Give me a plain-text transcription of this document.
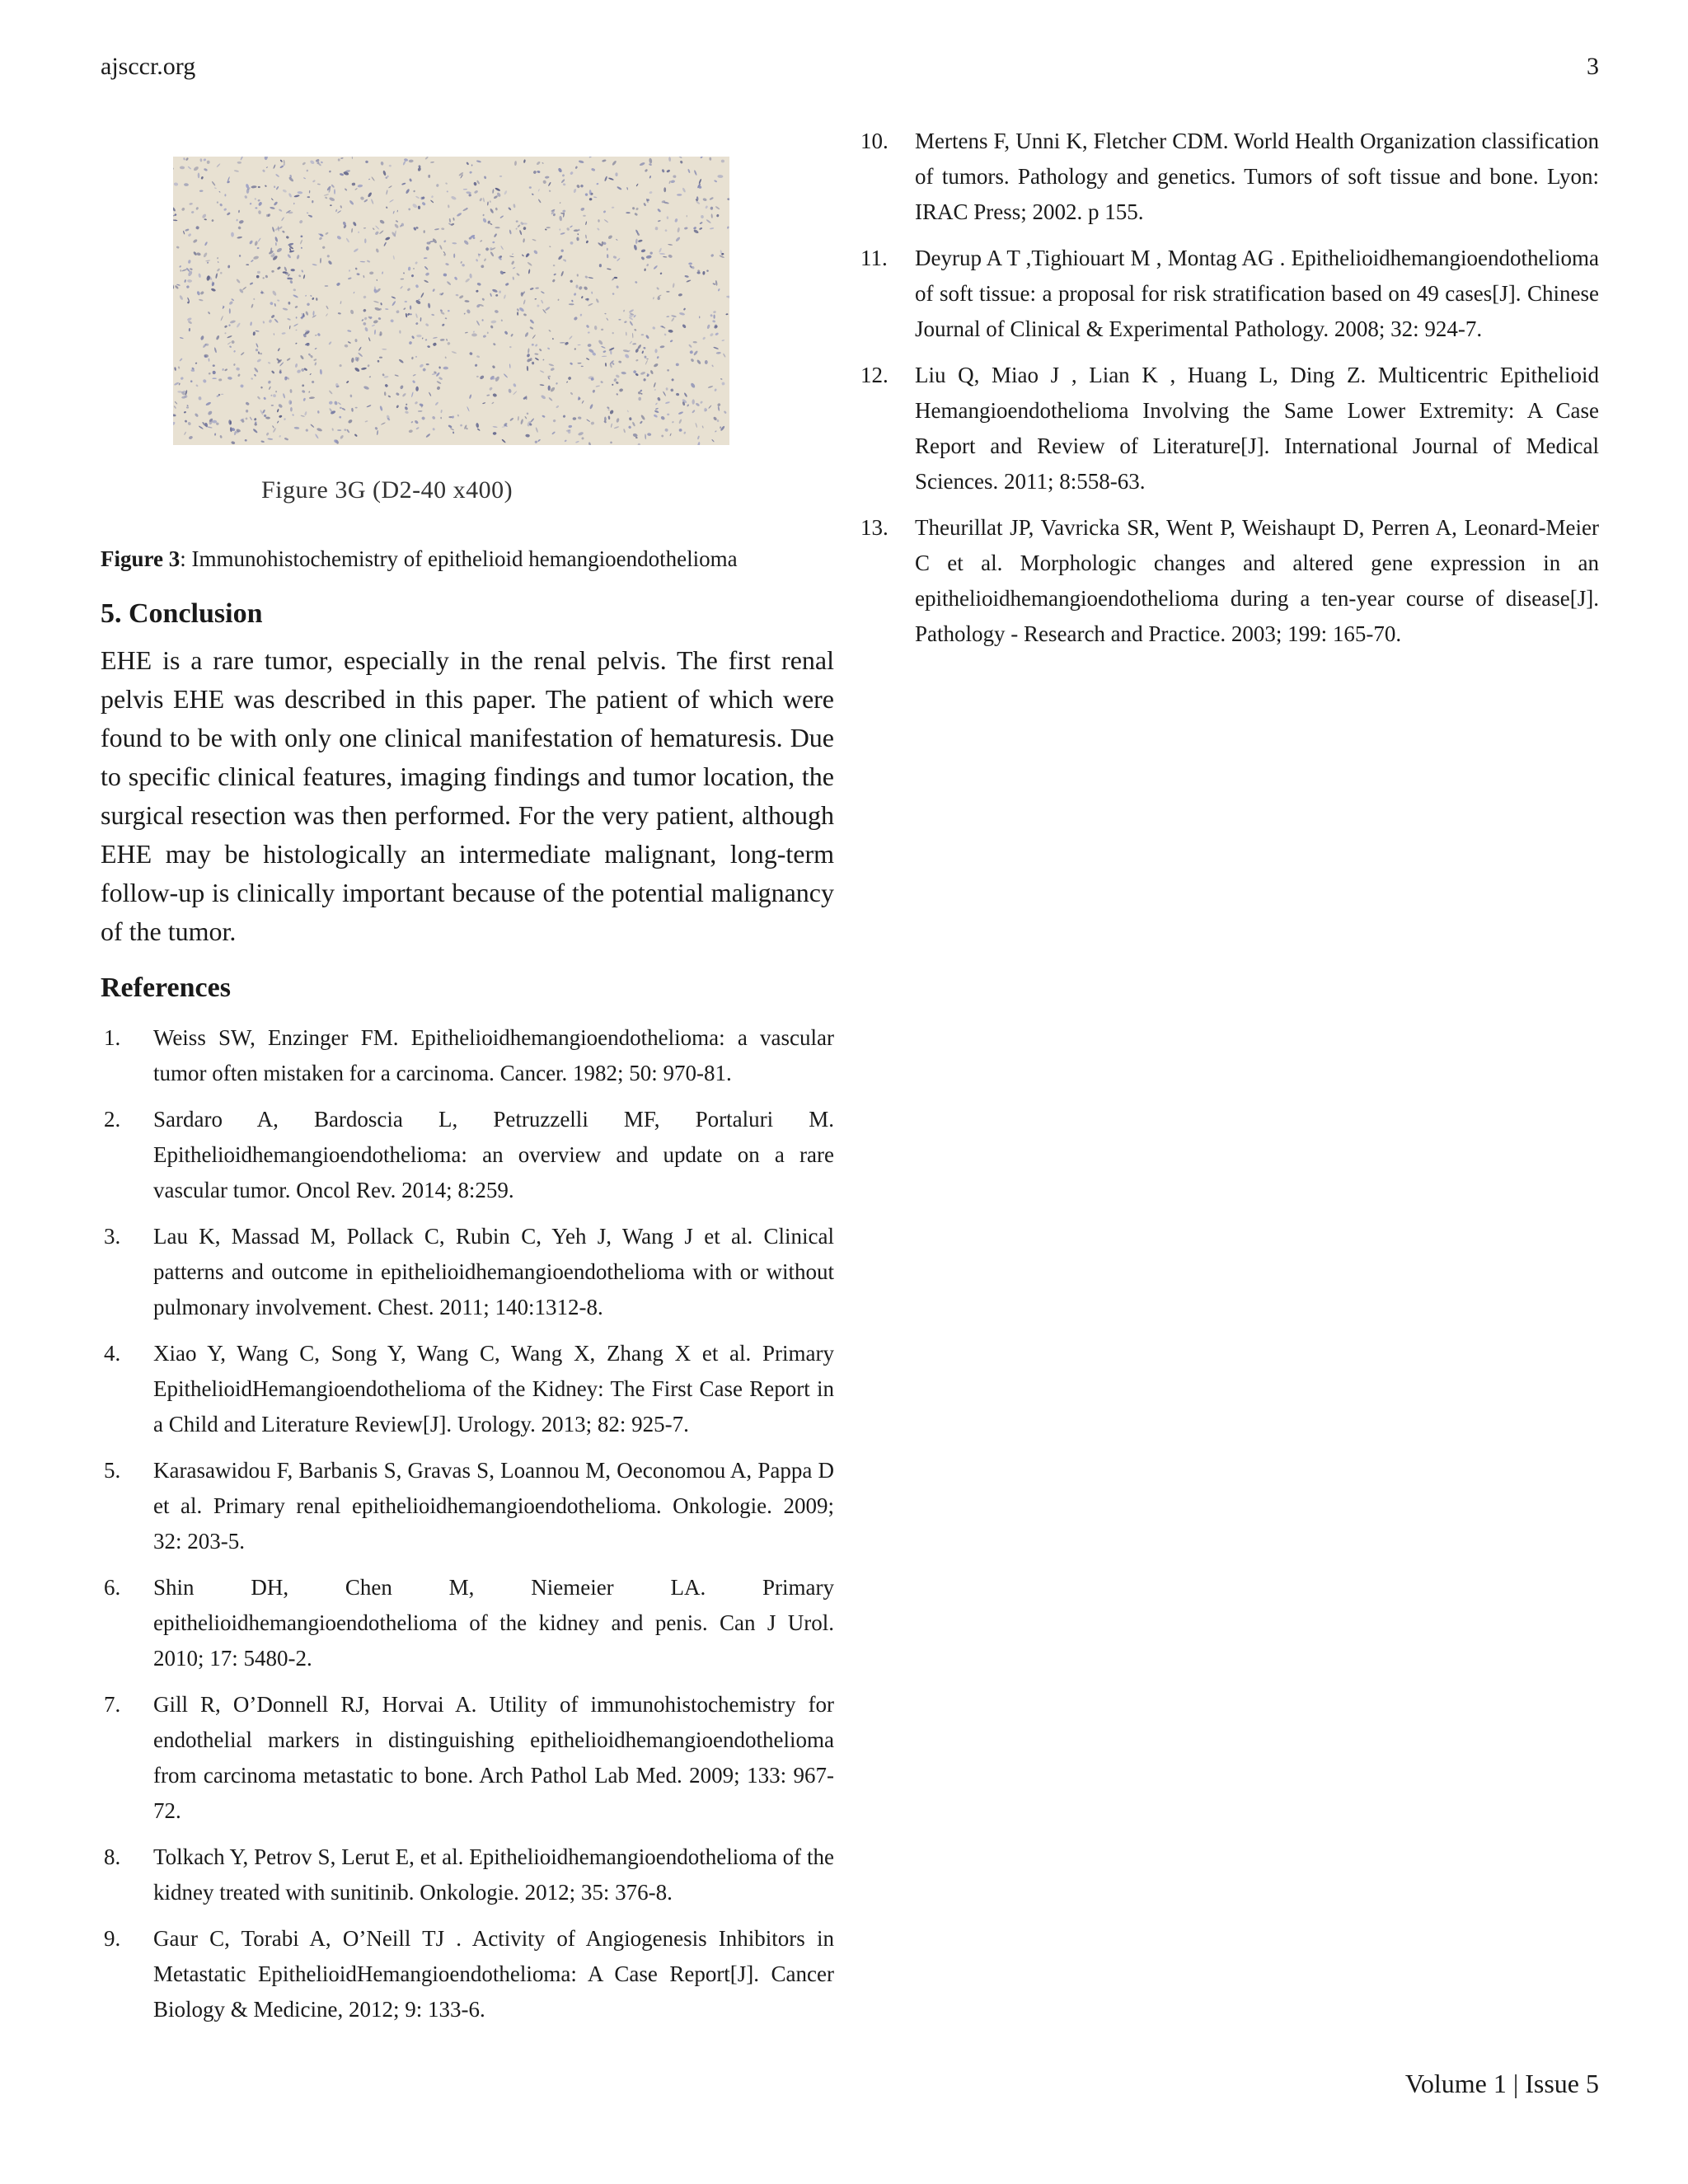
ajsccr.org	3
Figure 3G (D2-40 x400)

Figure 3: Immunohistochemistry of epithelioid hemangioendothelioma

5. Conclusion

EHE is a rare tumor, especially in the renal pelvis. The first renal pelvis EHE was described in this paper. The patient of which were found to be with only one clinical manifestation of hematuresis. Due to specific clinical features, imaging findings and tumor location, the surgical resection was then performed. For the very patient, although EHE may be histologically an intermediate malignant, long-term follow-up is clinically important because of the potential malignancy of the tumor.

References
1. Weiss SW, Enzinger FM. Epithelioidhemangioendothelioma: a vascular tumor often mistaken for a carcinoma. Cancer. 1982; 50: 970-81.
2. Sardaro A, Bardoscia L, Petruzzelli MF, Portaluri M. Epithelioidhemangioendothelioma: an overview and update on a rare vascular tumor. Oncol Rev. 2014; 8:259.
3. Lau K, Massad M, Pollack C, Rubin C, Yeh J, Wang J et al. Clinical patterns and outcome in epithelioidhemangioendothelioma with or without pulmonary involvement. Chest. 2011; 140:1312-8.
4. Xiao Y, Wang C, Song Y, Wang C, Wang X, Zhang X et al. Primary EpithelioidHemangioendothelioma of the Kidney: The First Case Report in a Child and Literature Review[J]. Urology. 2013; 82: 925-7.
5. Karasawidou F, Barbanis S, Gravas S, Loannou M, Oeconomou A, Pappa D et al. Primary renal epithelioidhemangioendothelioma. Onkologie. 2009; 32: 203-5.
6. Shin DH, Chen M, Niemeier LA. Primary epithelioidhemangioendothelioma of the kidney and penis. Can J Urol. 2010; 17: 5480-2.
7. Gill R, O’Donnell RJ, Horvai A. Utility of immunohistochemistry for endothelial markers in distinguishing epithelioidhemangioendothelioma from carcinoma metastatic to bone. Arch Pathol Lab Med. 2009; 133: 967-72.
8. Tolkach Y, Petrov S, Lerut E, et al. Epithelioidhemangioendothelioma of the kidney treated with sunitinib. Onkologie. 2012; 35: 376-8.
9. Gaur C, Torabi A, O’Neill TJ . Activity of Angiogenesis Inhibitors in Metastatic EpithelioidHemangioendothelioma: A Case Report[J]. Cancer Biology & Medicine, 2012; 9: 133-6.
10. Mertens F, Unni K, Fletcher CDM. World Health Organization classification of tumors. Pathology and genetics. Tumors of soft tissue and bone. Lyon: IRAC Press; 2002. p 155.
11. Deyrup A T ,Tighiouart M , Montag AG . Epithelioidhemangioendothelioma of soft tissue: a proposal for risk stratification based on 49 cases[J]. Chinese Journal of Clinical & Experimental Pathology. 2008; 32: 924-7.
12. Liu Q, Miao J , Lian K , Huang L, Ding Z. Multicentric Epithelioid Hemangioendothelioma Involving the Same Lower Extremity: A Case Report and Review of Literature[J]. International Journal of Medical Sciences. 2011; 8:558-63.
13. Theurillat JP, Vavricka SR, Went P, Weishaupt D, Perren A, Leonard-Meier C et al. Morphologic changes and altered gene expression in an epithelioidhemangioendothelioma during a ten-year course of disease[J]. Pathology - Research and Practice. 2003; 199: 165-70.
Volume 1 | Issue 5
